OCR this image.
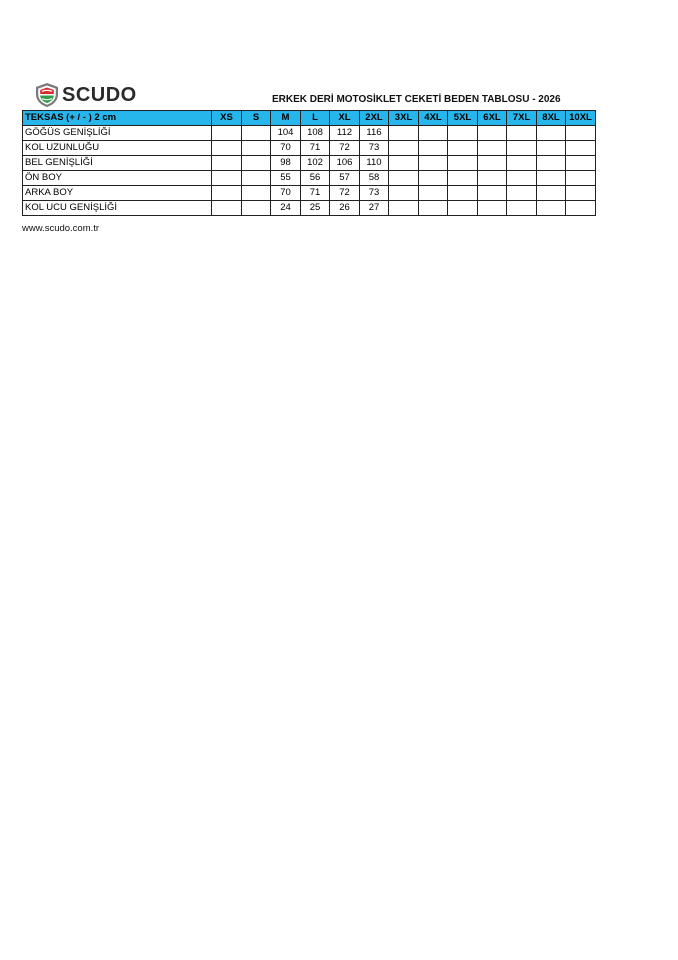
SCUDO	ERKEK DERİ MOTOSİKLET CEKETİ BEDEN TABLOSU - 2026
TEKSAS (+ / - ) 2 cm	XS	S	M	L	XL	2XL	3XL	4XL	5XL	6XL	7XL	8XL	10XL
GÖĞÜS GENİŞLİĞİ			104	108	112	116							
KOL UZUNLUĞU			70	71	72	73							
BEL GENİŞLİĞİ			98	102	106	110							
ÖN BOY			55	56	57	58							
ARKA BOY			70	71	72	73							
KOL UCU GENİŞLİĞİ			24	25	26	27							
www.scudo.com.tr
